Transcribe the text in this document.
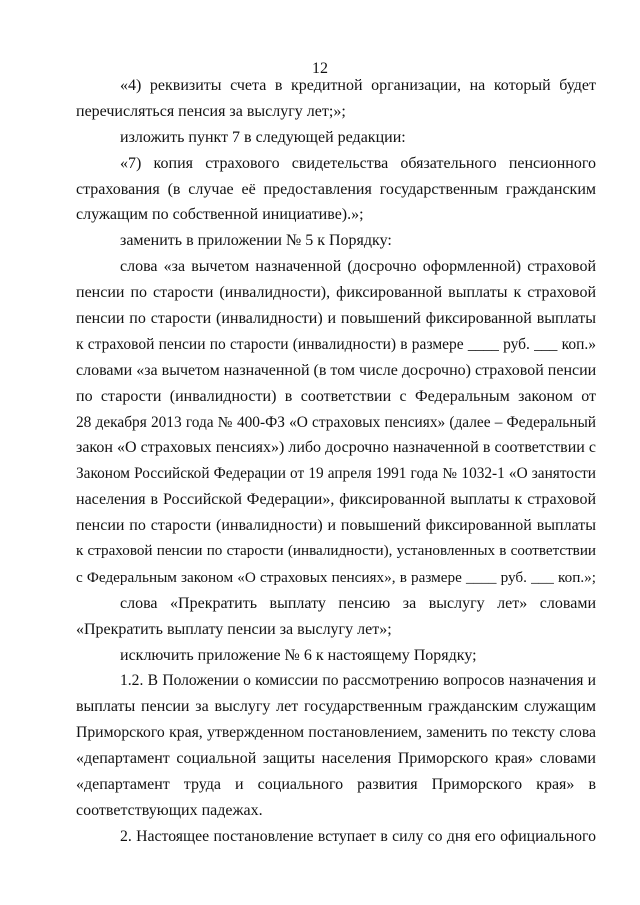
12
«4) реквизиты счета в кредитной организации, на который будет
перечисляться пенсия за выслугу лет;»;
изложить пункт 7 в следующей редакции:
«7) копия страхового свидетельства обязательного пенсионного
страхования (в случае её предоставления государственным гражданским
служащим по собственной инициативе).»;
заменить в приложении № 5 к Порядку:
слова «за вычетом назначенной (досрочно оформленной) страховой
пенсии по старости (инвалидности), фиксированной выплаты к страховой
пенсии по старости (инвалидности) и повышений фиксированной выплаты
к страховой пенсии по старости (инвалидности) в размере ____ руб. ___ коп.»
словами «за вычетом назначенной (в том числе досрочно) страховой пенсии
по старости (инвалидности) в соответствии с Федеральным законом от
28 декабря 2013 года № 400-ФЗ «О страховых пенсиях» (далее – Федеральный
закон «О страховых пенсиях») либо досрочно назначенной в соответствии с
Законом Российской Федерации от 19 апреля 1991 года № 1032-1 «О занятости
населения в Российской Федерации», фиксированной выплаты к страховой
пенсии по старости (инвалидности) и повышений фиксированной выплаты
к страховой пенсии по старости (инвалидности), установленных в соответствии
с Федеральным законом «О страховых пенсиях», в размере ____ руб. ___ коп.»;
слова «Прекратить выплату пенсию за выслугу лет» словами
«Прекратить выплату пенсии за выслугу лет»;
исключить приложение № 6 к настоящему Порядку;
1.2. В Положении о комиссии по рассмотрению вопросов назначения и
выплаты пенсии за выслугу лет государственным гражданским служащим
Приморского края, утвержденном постановлением, заменить по тексту слова
«департамент социальной защиты населения Приморского края» словами
«департамент труда и социального развития Приморского края» в
соответствующих падежах.
2. Настоящее постановление вступает в силу со дня его официального
